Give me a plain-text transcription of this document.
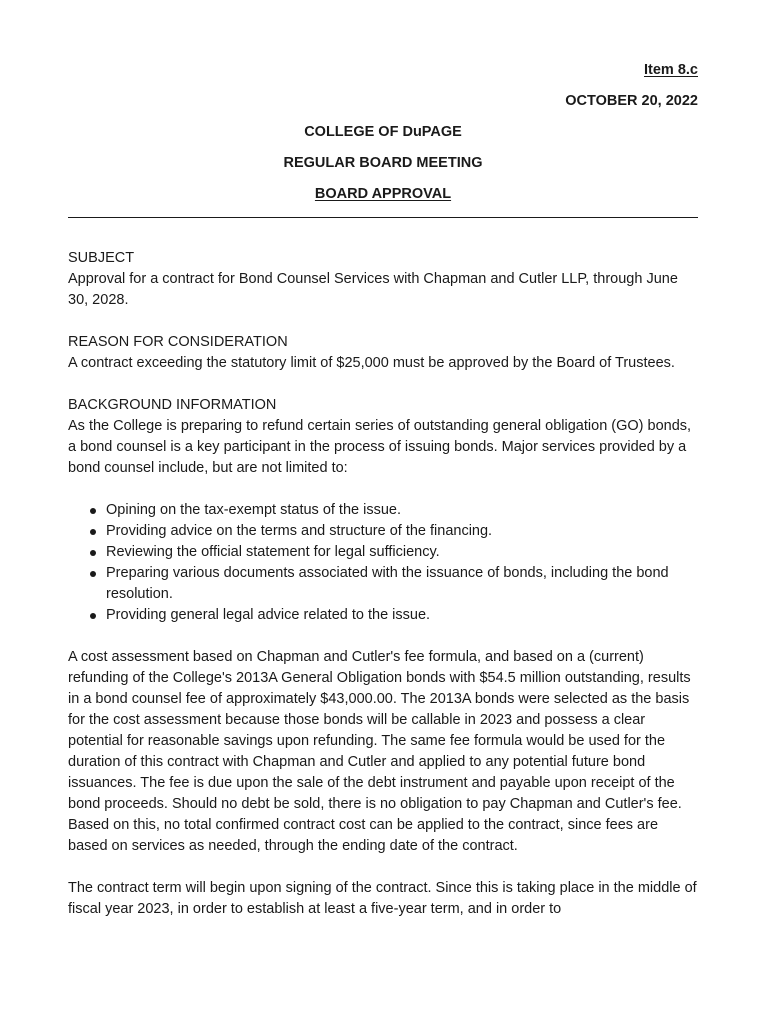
Item 8.c
OCTOBER 20, 2022
COLLEGE OF DuPAGE
REGULAR BOARD MEETING
BOARD APPROVAL

SUBJECT

Approval for a contract for Bond Counsel Services with Chapman and Cutler LLP, through June 30, 2028.

REASON FOR CONSIDERATION

A contract exceeding the statutory limit of $25,000 must be approved by the Board of Trustees.

BACKGROUND INFORMATION

As the College is preparing to refund certain series of outstanding general obligation (GO) bonds, a bond counsel is a key participant in the process of issuing bonds. Major services provided by a bond counsel include, but are not limited to:

Opining on the tax-exempt status of the issue.
Providing advice on the terms and structure of the financing.
Reviewing the official statement for legal sufficiency.
Preparing various documents associated with the issuance of bonds, including the bond resolution.
Providing general legal advice related to the issue.

A cost assessment based on Chapman and Cutler's fee formula, and based on a (current) refunding of the College's 2013A General Obligation bonds with $54.5 million outstanding, results in a bond counsel fee of approximately $43,000.00. The 2013A bonds were selected as the basis for the cost assessment because those bonds will be callable in 2023 and possess a clear potential for reasonable savings upon refunding. The same fee formula would be used for the duration of this contract with Chapman and Cutler and applied to any potential future bond issuances. The fee is due upon the sale of the debt instrument and payable upon receipt of the bond proceeds. Should no debt be sold, there is no obligation to pay Chapman and Cutler's fee. Based on this, no total confirmed contract cost can be applied to the contract, since fees are based on services as needed, through the ending date of the contract.

The contract term will begin upon signing of the contract. Since this is taking place in the middle of fiscal year 2023, in order to establish at least a five-year term, and in order to
